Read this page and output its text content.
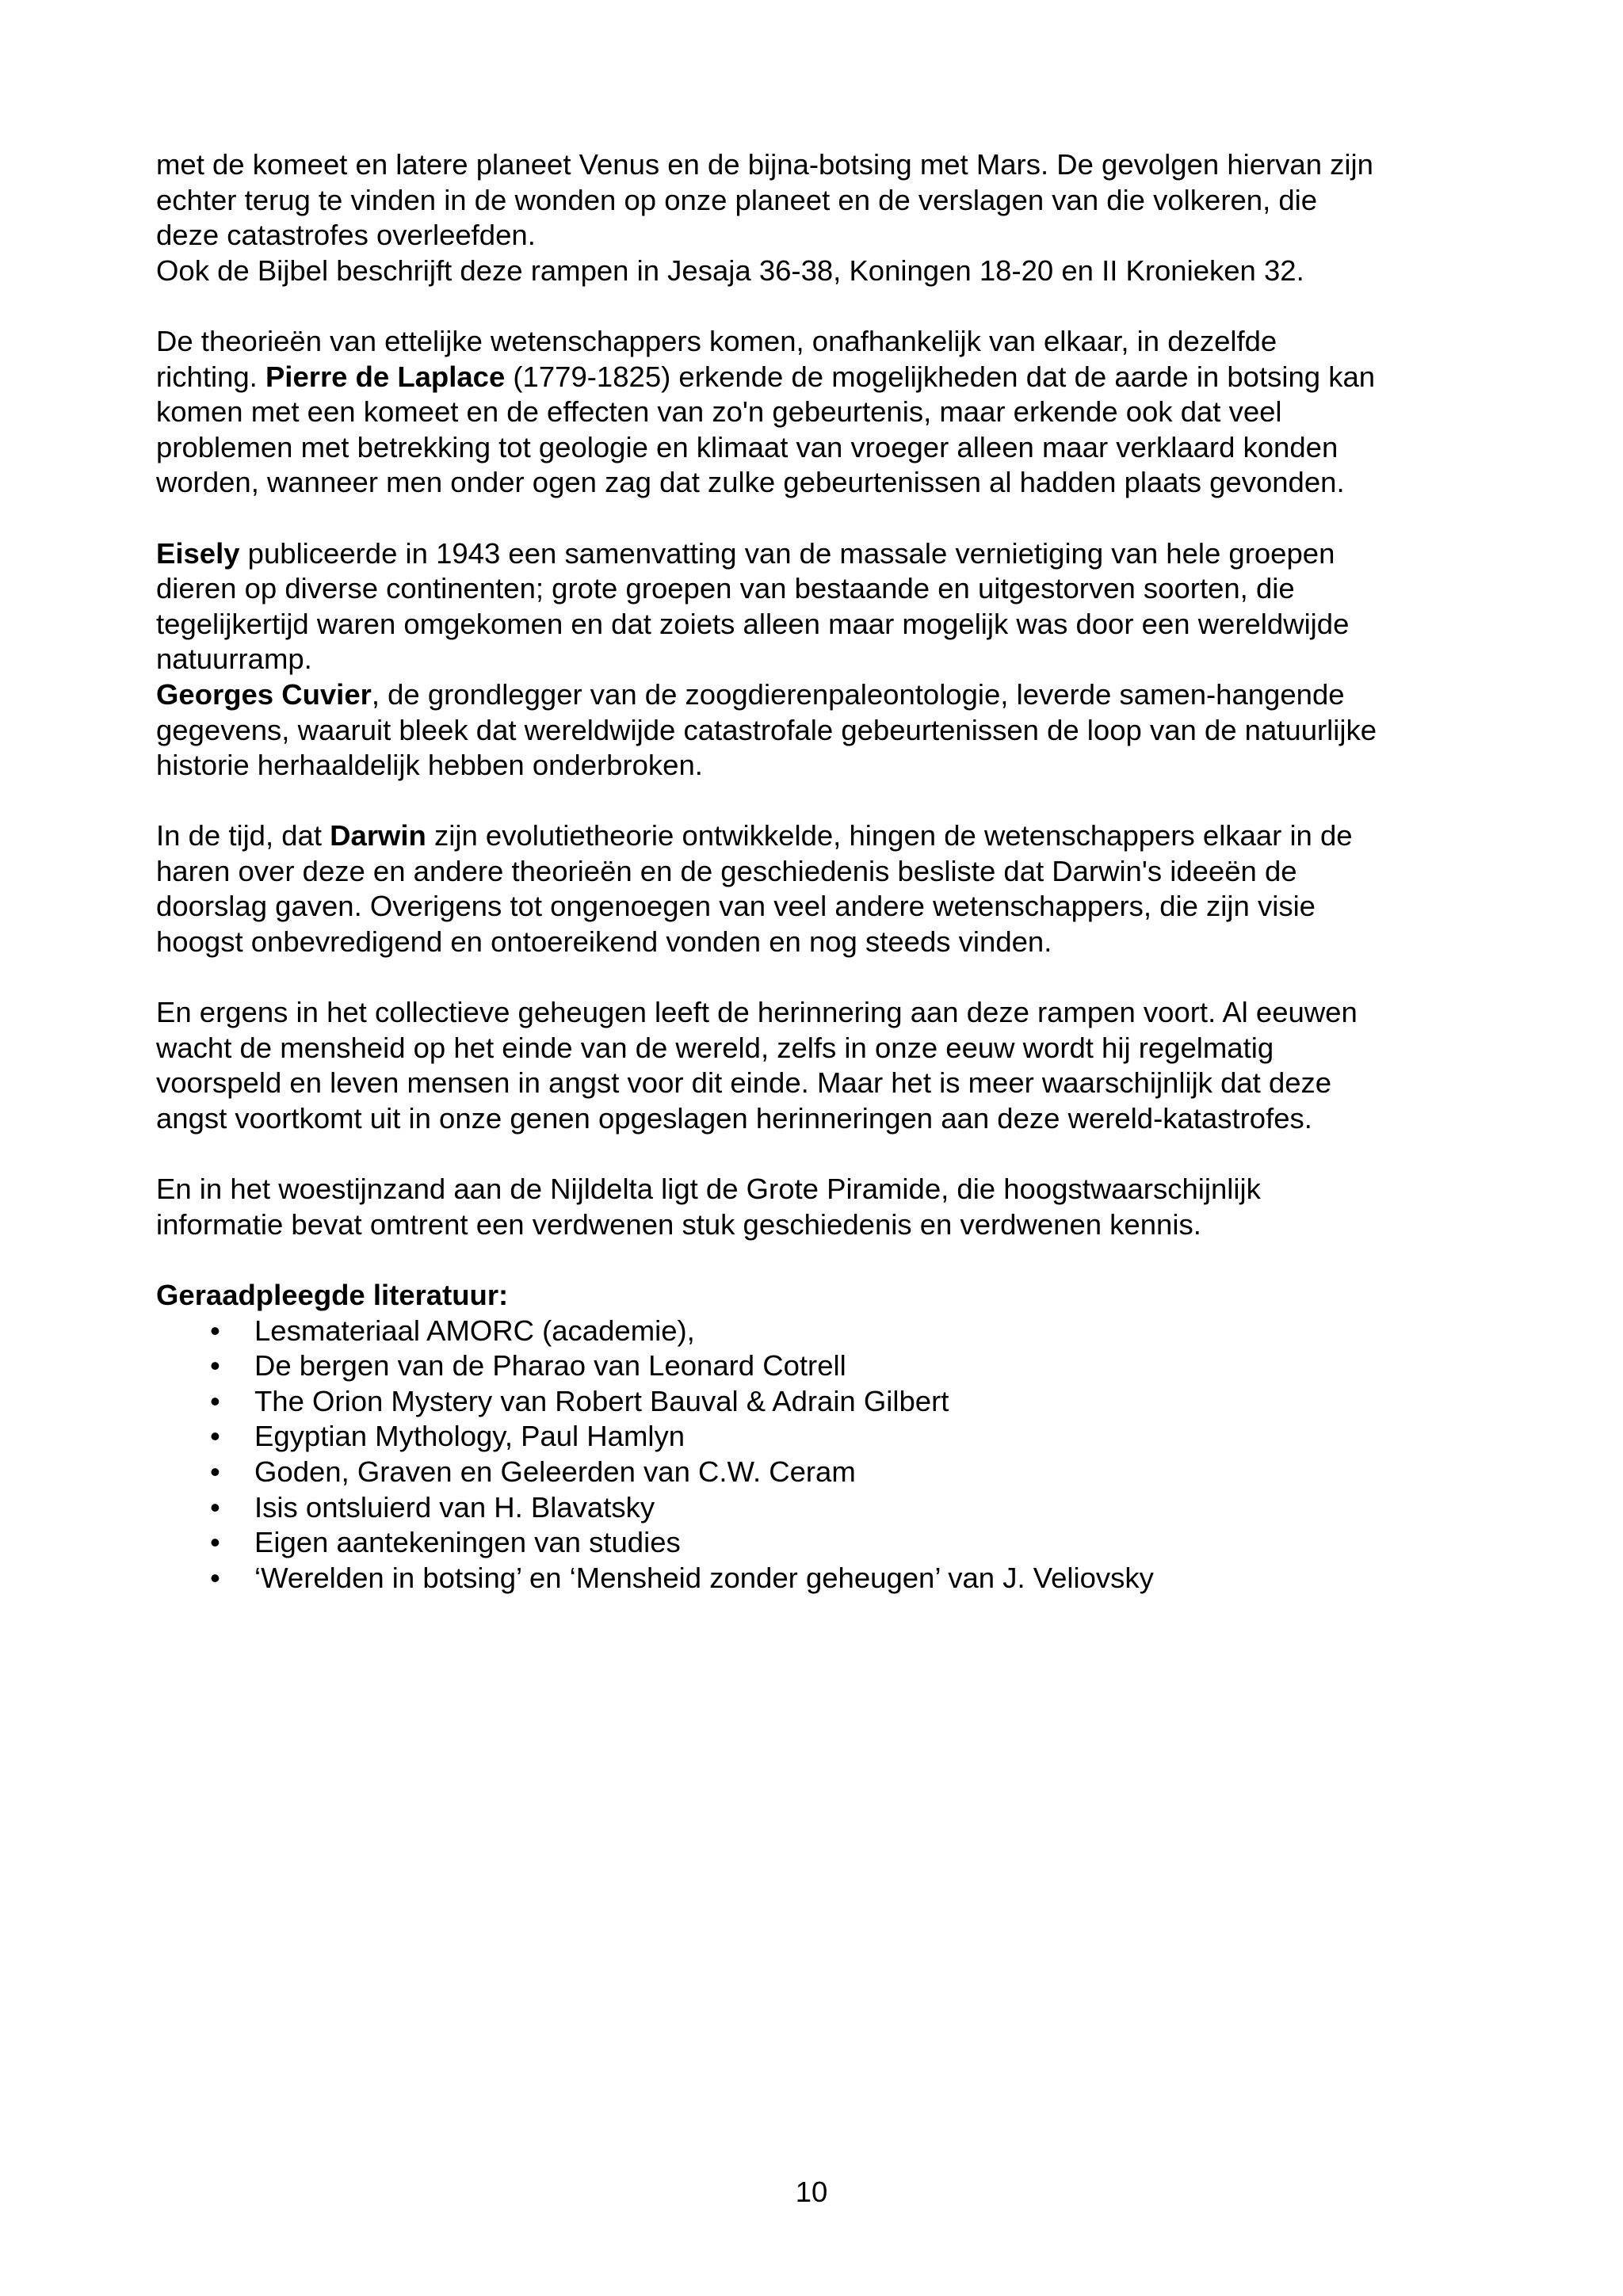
met de komeet en latere planeet Venus en de bijna-botsing met Mars. De gevolgen hiervan zijn

echter terug te vinden in de wonden op onze planeet en de verslagen van die volkeren, die

deze catastrofes overleefden.

Ook de Bijbel beschrijft deze rampen in Jesaja 36-38, Koningen 18-20 en II Kronieken 32.

De theorieën van ettelijke wetenschappers komen, onafhankelijk van elkaar, in dezelfde

richting. Pierre de Laplace (1779-1825) erkende de mogelijkheden dat de aarde in botsing kan

komen met een komeet en de effecten van zo'n gebeurtenis, maar erkende ook dat veel

problemen met betrekking tot geologie en klimaat van vroeger alleen maar verklaard konden

worden, wanneer men onder ogen zag dat zulke gebeurtenissen al hadden plaats gevonden.

Eisely publiceerde in 1943 een samenvatting van de massale vernietiging van hele groepen

dieren op diverse continenten; grote groepen van bestaande en uitgestorven soorten, die

tegelijkertijd waren omgekomen en dat zoiets alleen maar mogelijk was door een wereldwijde

natuurramp.

Georges Cuvier, de grondlegger van de zoogdierenpaleontologie, leverde samen-hangende

gegevens, waaruit bleek dat wereldwijde catastrofale gebeurtenissen de loop van de natuurlijke

historie herhaaldelijk hebben onderbroken.

In de tijd, dat Darwin zijn evolutietheorie ontwikkelde, hingen de wetenschappers elkaar in de

haren over deze en andere theorieën en de geschiedenis besliste dat Darwin's ideeën de

doorslag gaven. Overigens tot ongenoegen van veel andere wetenschappers, die zijn visie

hoogst onbevredigend en ontoereikend vonden en nog steeds vinden.

En ergens in het collectieve geheugen leeft de herinnering aan deze rampen voort. Al eeuwen

wacht de mensheid op het einde van de wereld, zelfs in onze eeuw wordt hij regelmatig

voorspeld en leven mensen in angst voor dit einde. Maar het is meer waarschijnlijk dat deze

angst voortkomt uit in onze genen opgeslagen herinneringen aan deze wereld-katastrofes.

En in het woestijnzand aan de Nijldelta ligt de Grote Piramide, die hoogstwaarschijnlijk

informatie bevat omtrent een verdwenen stuk geschiedenis en verdwenen kennis.

Geraadpleegde literatuur:

• Lesmateriaal AMORC (academie),
• De bergen van de Pharao van Leonard Cotrell
• The Orion Mystery van Robert Bauval & Adrain Gilbert
• Egyptian Mythology, Paul Hamlyn
• Goden, Graven en Geleerden van C.W. Ceram
• Isis ontsluierd van H. Blavatsky
• Eigen aantekeningen van studies
• ‘Werelden in botsing’ en ‘Mensheid zonder geheugen’ van J. Veliovsky
10
